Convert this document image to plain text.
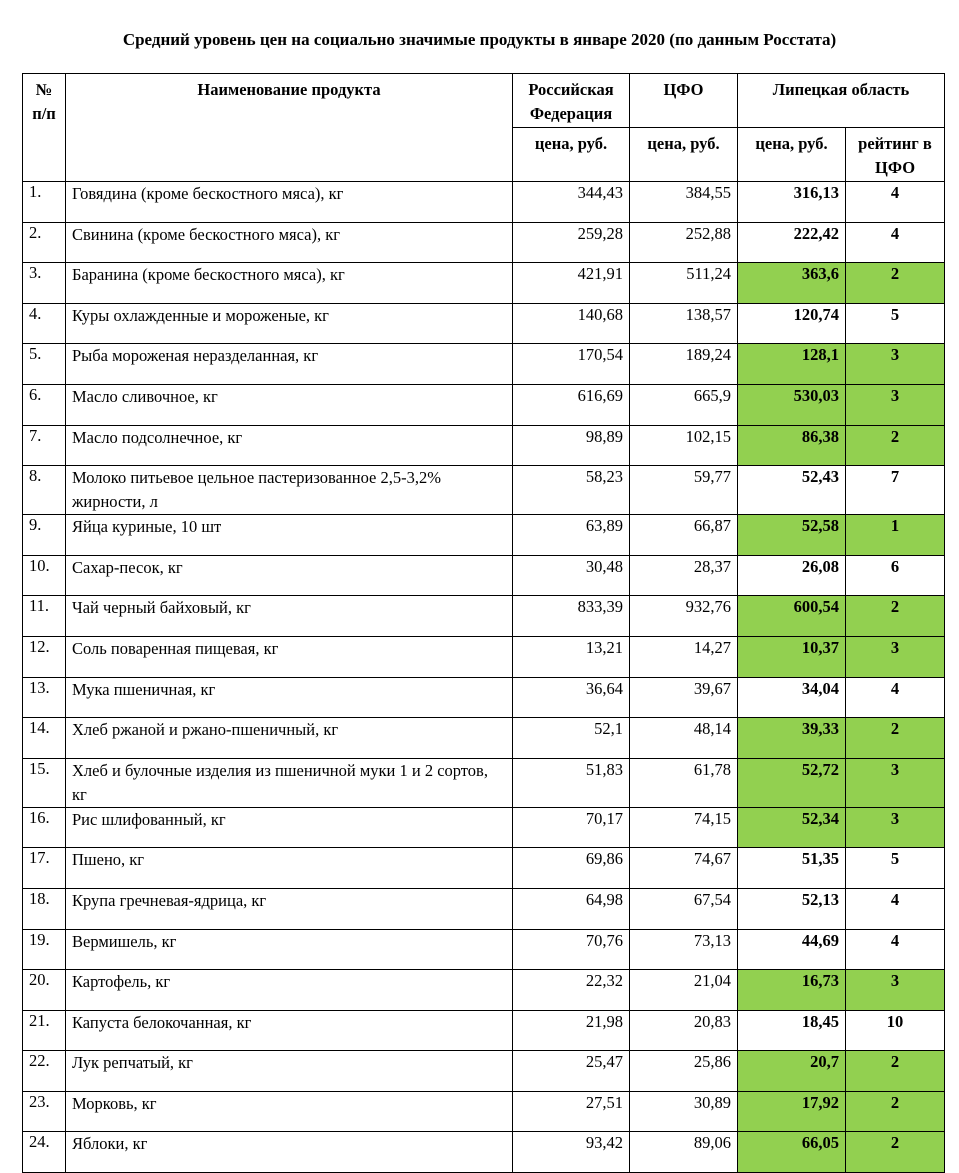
Средний уровень цен на социально значимые продукты в январе 2020 (по данным Росстата)
№ п/п	Наименование продукта	Российская Федерация	ЦФО	Липецкая область	
		цена, руб.	цена, руб.	цена, руб.	рейтинг в ЦФО
1.	Говядина (кроме бескостного мяса), кг	344,43	384,55	316,13	4
2.	Свинина (кроме бескостного мяса), кг	259,28	252,88	222,42	4
3.	Баранина (кроме бескостного мяса), кг	421,91	511,24	363,6	2
4.	Куры охлажденные и мороженые, кг	140,68	138,57	120,74	5
5.	Рыба мороженая неразделанная, кг	170,54	189,24	128,1	3
6.	Масло сливочное, кг	616,69	665,9	530,03	3
7.	Масло подсолнечное, кг	98,89	102,15	86,38	2
8.	Молоко питьевое цельное пастеризованное 2,5-3,2% жирности, л	58,23	59,77	52,43	7
9.	Яйца куриные, 10 шт	63,89	66,87	52,58	1
10.	Сахар-песок, кг	30,48	28,37	26,08	6
11.	Чай черный байховый, кг	833,39	932,76	600,54	2
12.	Соль поваренная пищевая, кг	13,21	14,27	10,37	3
13.	Мука пшеничная, кг	36,64	39,67	34,04	4
14.	Хлеб ржаной и ржано-пшеничный, кг	52,1	48,14	39,33	2
15.	Хлеб и булочные изделия из пшеничной муки 1 и 2 сортов, кг	51,83	61,78	52,72	3
16.	Рис шлифованный, кг	70,17	74,15	52,34	3
17.	Пшено, кг	69,86	74,67	51,35	5
18.	Крупа гречневая-ядрица, кг	64,98	67,54	52,13	4
19.	Вермишель, кг	70,76	73,13	44,69	4
20.	Картофель, кг	22,32	21,04	16,73	3
21.	Капуста белокочанная, кг	21,98	20,83	18,45	10
22.	Лук репчатый, кг	25,47	25,86	20,7	2
23.	Морковь, кг	27,51	30,89	17,92	2
24.	Яблоки, кг	93,42	89,06	66,05	2
